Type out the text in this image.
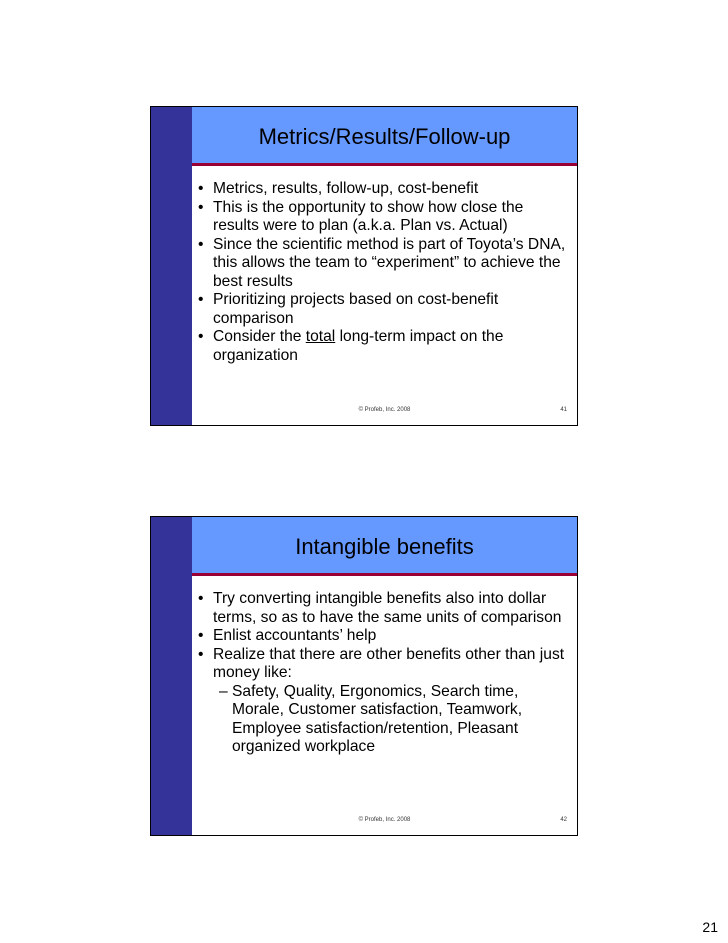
Metrics/Results/Follow-up
• Metrics, results, follow-up, cost-benefit
• This is the opportunity to show how close the results were to plan (a.k.a. Plan vs. Actual)
• Since the scientific method is part of Toyota’s DNA, this allows the team to “experiment” to achieve the best results
• Prioritizing projects based on cost-benefit comparison
• Consider the total long-term impact on the organization
© Profeb, Inc. 2008	41
Intangible benefits
• Try converting intangible benefits also into dollar terms, so as to have the same units of comparison
• Enlist accountants’ help
• Realize that there are other benefits other than just money like:
– Safety, Quality, Ergonomics, Search time, Morale, Customer satisfaction, Teamwork, Employee satisfaction/retention, Pleasant organized workplace
© Profeb, Inc. 2008	42
21
